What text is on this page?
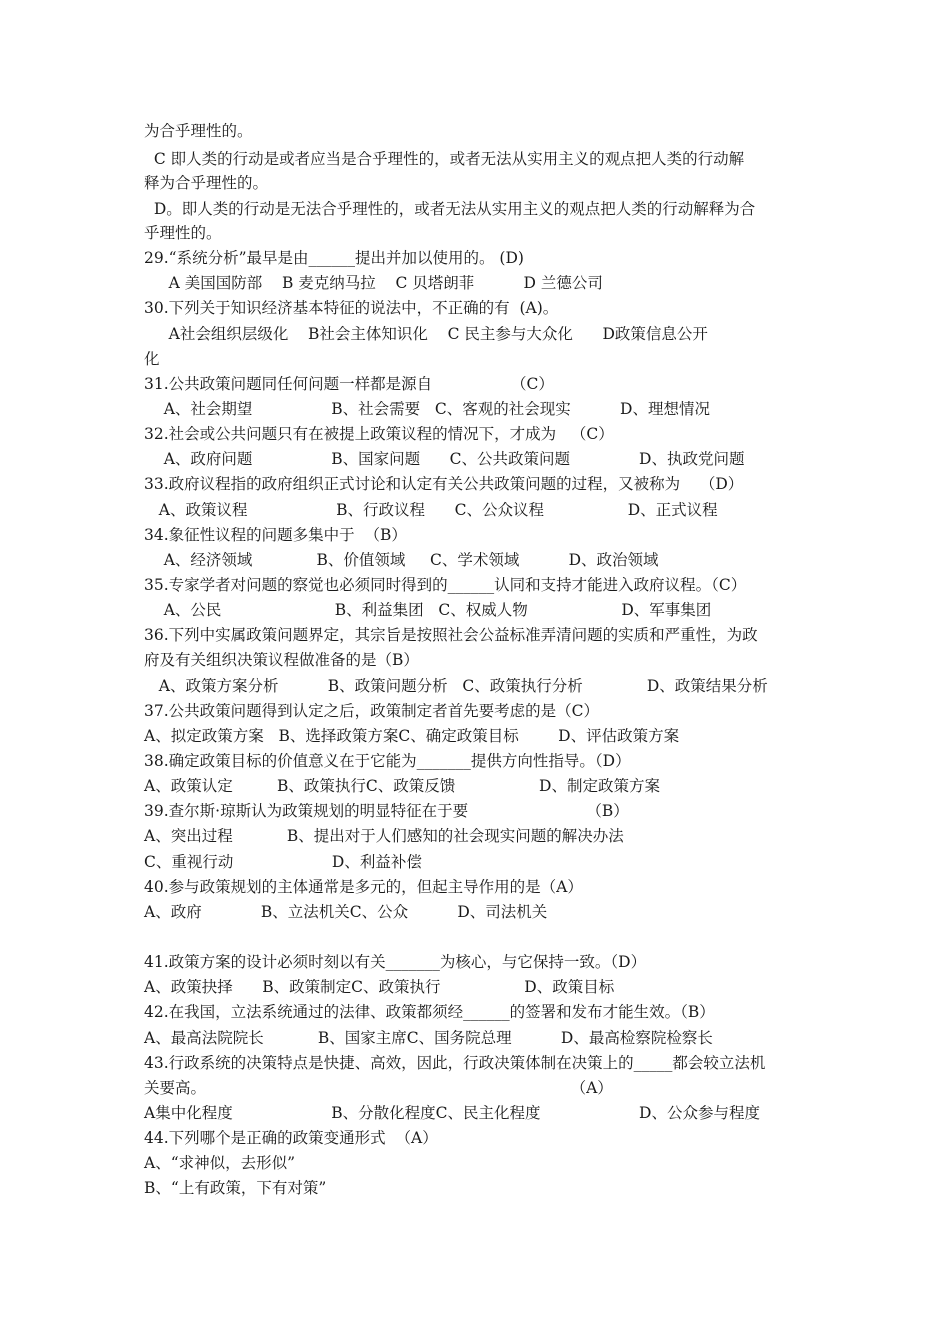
为合乎理性的。
C 即人类的行动是或者应当是合乎理性的，或者无法从实用主义的观点把人类的行动解
释为合乎理性的。
D。即人类的行动是无法合乎理性的，或者无法从实用主义的观点把人类的行动解释为合
乎理性的。
29.“系统分析”最早是由______提出并加以使用的。 (D)
A 美国国防部    B 麦克纳马拉    C 贝塔朗菲          D 兰德公司
30.下列关于知识经济基本特征的说法中，不正确的有  (A)。
A社会组织层级化    B社会主体知识化    C 民主参与大众化      D政策信息公开
化
31.公共政策问题同任何问题一样都是源自                （C）
A、社会期望                B、社会需要   C、客观的社会现实          D、理想情况
32.社会或公共问题只有在被提上政策议程的情况下，才成为   （C）
A、政府问题                B、国家问题      C、公共政策问题              D、执政党问题
33.政府议程指的政府组织正式讨论和认定有关公共政策问题的过程，又被称为    （D）
A、政策议程                  B、行政议程      C、公众议程                 D、正式议程
34.象征性议程的问题多集中于  （B）
A、经济领域             B、价值领域     C、学术领域          D、政治领域
35.专家学者对问题的察觉也必须同时得到的______认同和支持才能进入政府议程。（C）
A、公民                       B、利益集团   C、权威人物                   D、军事集团
36.下列中实属政策问题界定，其宗旨是按照社会公益标准弄清问题的实质和严重性，为政
府及有关组织决策议程做准备的是（B）
A、政策方案分析          B、政策问题分析   C、政策执行分析             D、政策结果分析
37.公共政策问题得到认定之后，政策制定者首先要考虑的是（C）
A、拟定政策方案   B、选择政策方案C、确定政策目标        D、评估政策方案
38.确定政策目标的价值意义在于它能为_______提供方向性指导。（D）
A、政策认定         B、政策执行C、政策反馈                 D、制定政策方案
39.查尔斯·琼斯认为政策规划的明显特征在于要                        （B）
A、突出过程           B、提出对于人们感知的社会现实问题的解决办法
C、重视行动                    D、利益补偿
40.参与政策规划的主体通常是多元的，但起主导作用的是（A）
A、政府            B、立法机关C、公众          D、司法机关
41.政策方案的设计必须时刻以有关_______为核心，与它保持一致。（D）
A、政策抉择      B、政策制定C、政策执行                 D、政策目标
42.在我国，立法系统通过的法律、政策都须经______的签署和发布才能生效。（B）
A、最高法院院长           B、国家主席C、国务院总理          D、最高检察院检察长
43.行政系统的决策特点是快捷、高效，因此，行政决策体制在决策上的_____都会较立法机
关要高。                                                                          （A）
A集中化程度                    B、分散化程度C、民主化程度                    D、公众参与程度
44.下列哪个是正确的政策变通形式  （A）
A、“求神似，去形似”
B、“上有政策，下有对策”
